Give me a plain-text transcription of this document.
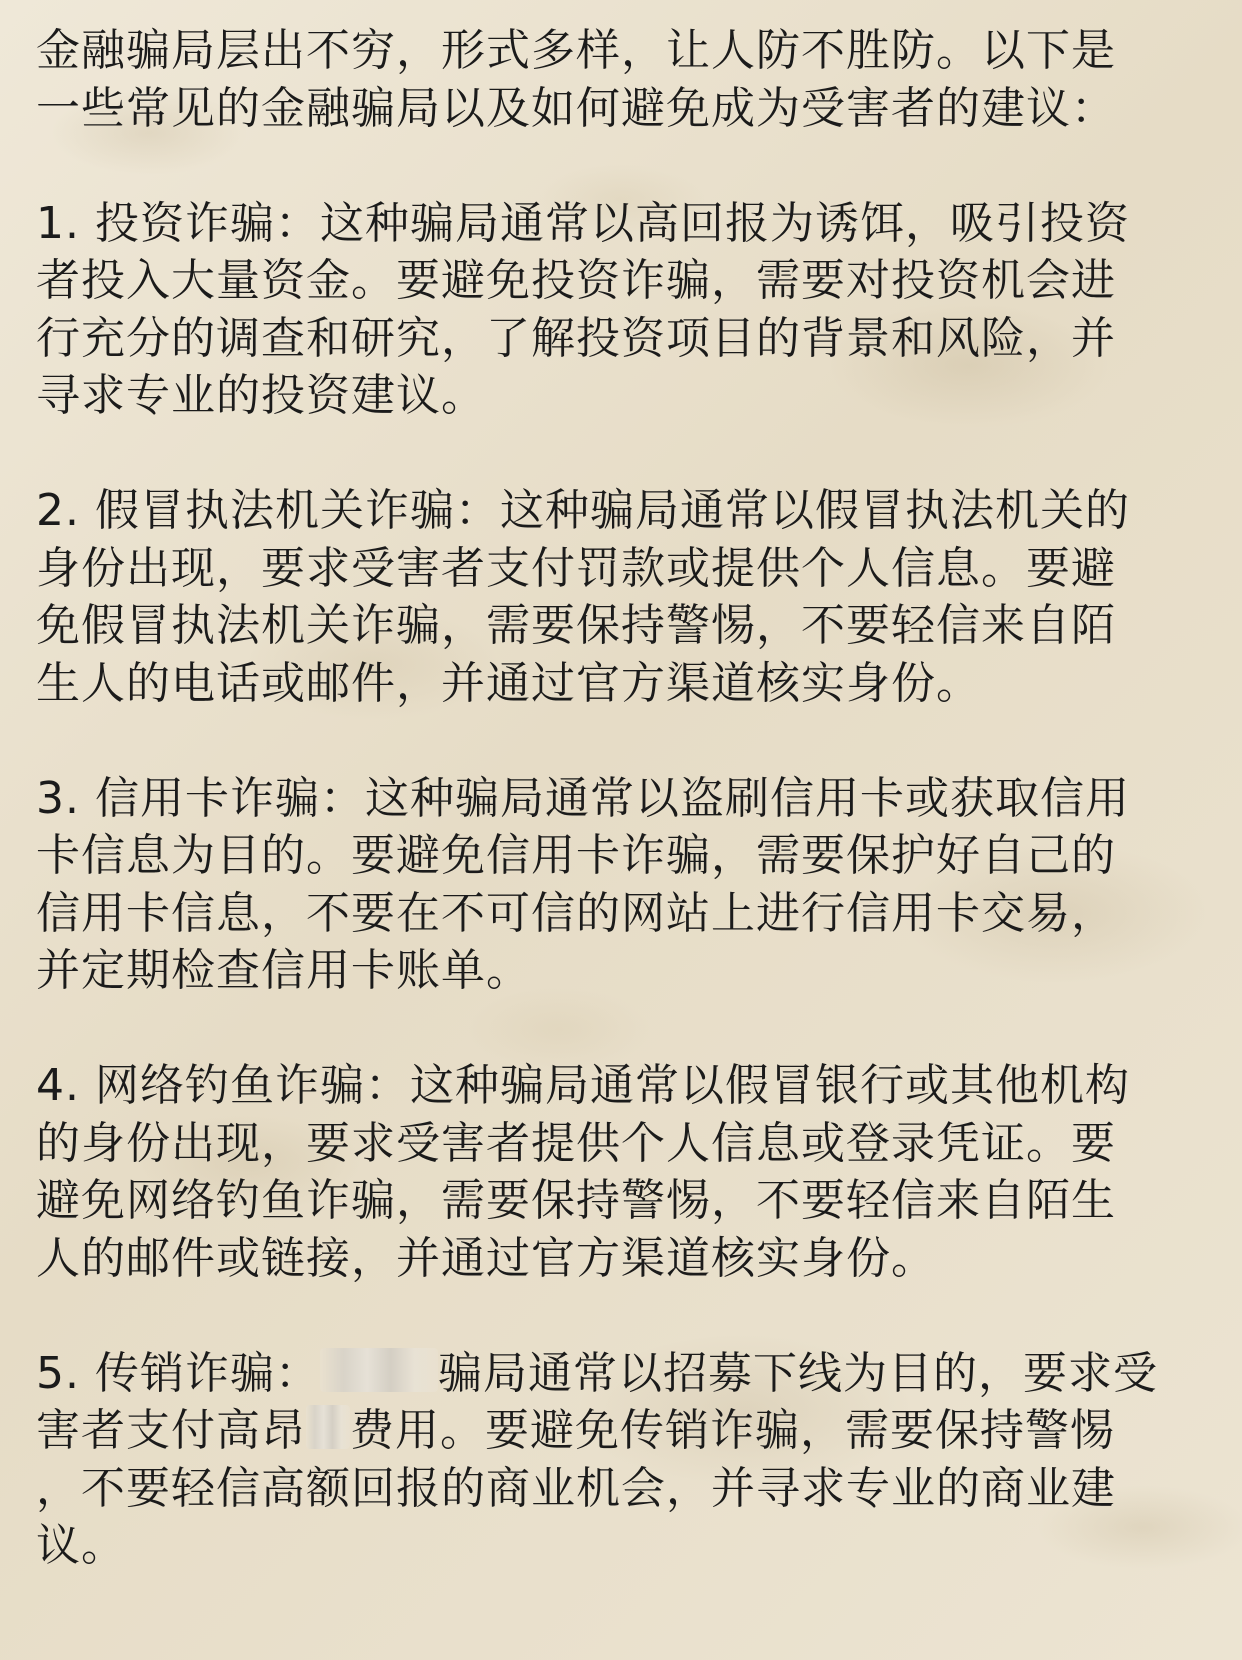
金融骗局层出不穷，形式多样，让人防不胜防。以下是
一些常见的金融骗局以及如何避免成为受害者的建议：

1. 投资诈骗：这种骗局通常以高回报为诱饵，吸引投资
者投入大量资金。要避免投资诈骗，需要对投资机会进
行充分的调查和研究，了解投资项目的背景和风险，并
寻求专业的投资建议。

2. 假冒执法机关诈骗：这种骗局通常以假冒执法机关的
身份出现，要求受害者支付罚款或提供个人信息。要避
免假冒执法机关诈骗，需要保持警惕，不要轻信来自陌
生人的电话或邮件，并通过官方渠道核实身份。

3. 信用卡诈骗：这种骗局通常以盗刷信用卡或获取信用
卡信息为目的。要避免信用卡诈骗，需要保护好自己的
信用卡信息，不要在不可信的网站上进行信用卡交易，
并定期检查信用卡账单。

4. 网络钓鱼诈骗：这种骗局通常以假冒银行或其他机构
的身份出现，要求受害者提供个人信息或登录凭证。要
避免网络钓鱼诈骗，需要保持警惕，不要轻信来自陌生
人的邮件或链接，并通过官方渠道核实身份。

5. 传销诈骗：	骗局通常以招募下线为目的，要求受
害者支付高昂 费用。要避免传销诈骗，需要保持警惕
，不要轻信高额回报的商业机会，并寻求专业的商业建
议。
